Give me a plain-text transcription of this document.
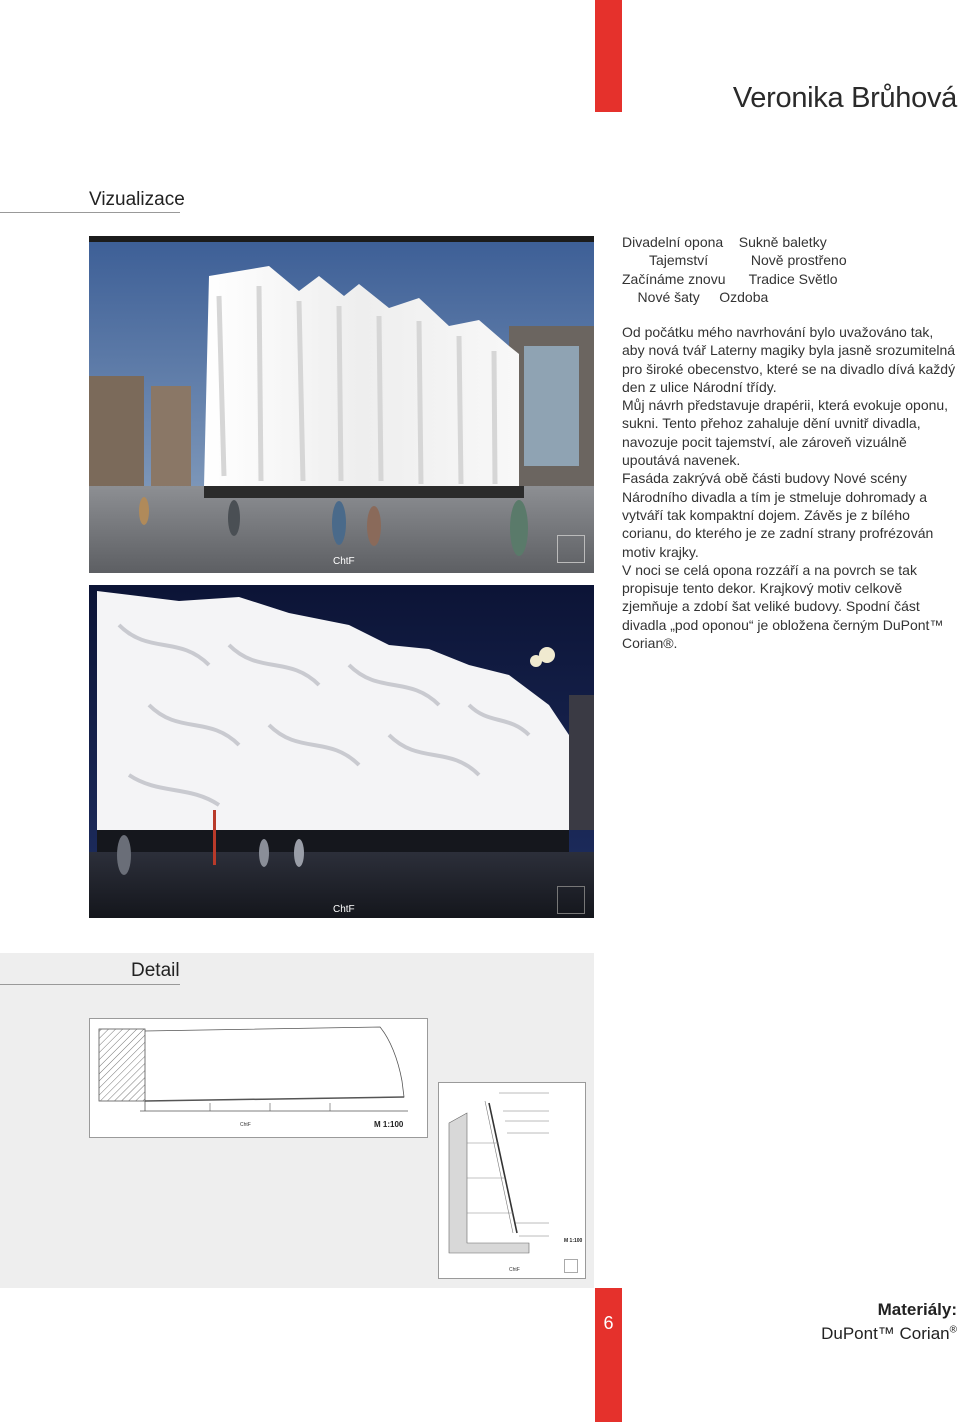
Veronika Brůhová
Vizualizace
ChtF
ChtF
Divadelní opona    Sukně baletky
Tajemství           Nově prostřeno
Začínáme znovu      Tradice Světlo
Nové šaty     Ozdoba

Od počátku mého navrhování bylo uvažováno tak, aby nová tvář Laterny magiky byla jasně srozumitelná pro široké obecenstvo, které se na divadlo dívá každý den z ulice Národní třídy.

Můj návrh představuje drapérii, která evokuje oponu, sukni. Tento přehoz zahaluje dění uvnitř divadla, navozuje pocit tajemství, ale zároveň vizuálně upoutává navenek.

Fasáda zakrývá obě části budovy Nové scény Národního divadla a tím je stmeluje dohromady a vytváří tak kompaktní dojem. Závěs je z bílého corianu, do kterého je ze zadní strany profrézován motiv krajky.

V noci se celá opona rozzáří a na povrch se tak propisuje tento dekor. Krajkový motiv celkově zjemňuje a zdobí šat veliké budovy. Spodní část divadla „pod oponou“ je obložena černým DuPont™ Corian®.

Detail
ChtF	M 1:100
M 1:100
ChtF
6
Materiály:
DuPont™ Corian®
